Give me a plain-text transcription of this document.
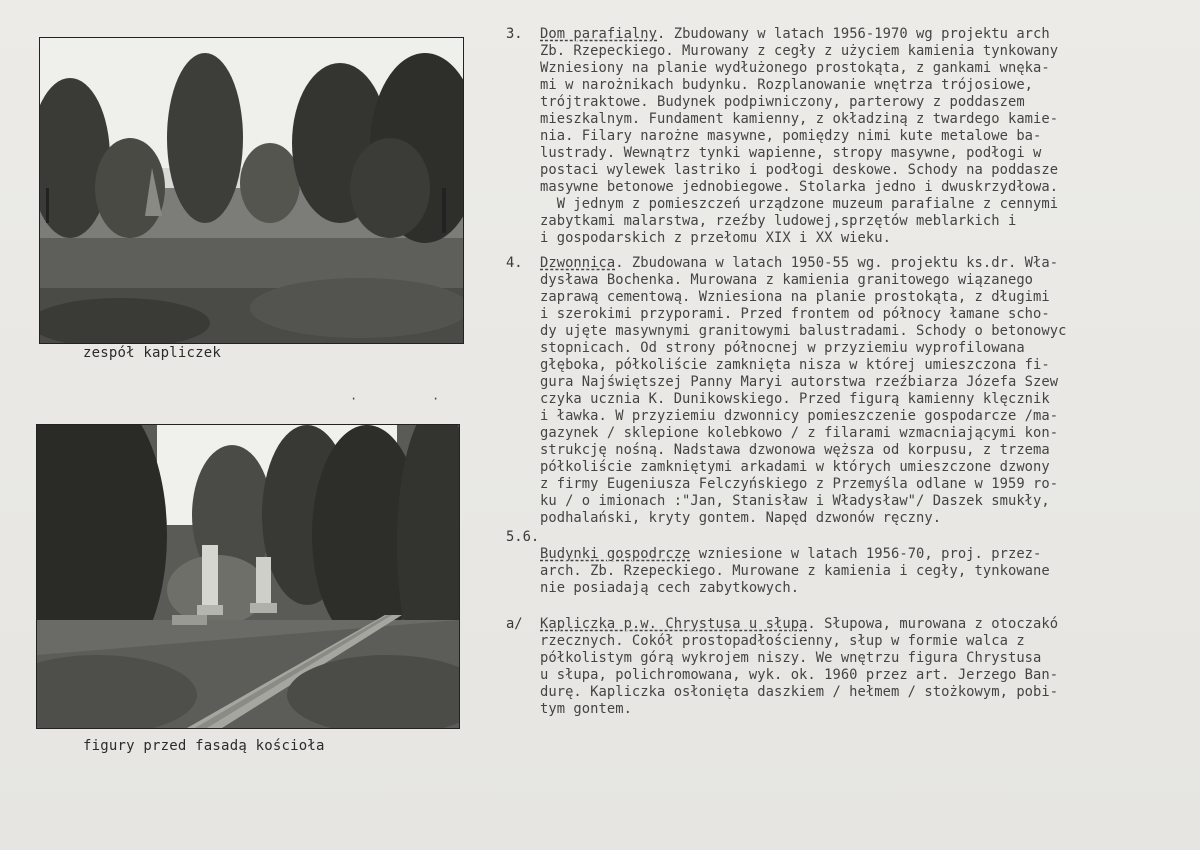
zespół kapliczek
figury przed fasadą kościoła
·	·
3. Dom parafialny. Zbudowany w latach 1956-1970 wg projektu arch
Zb. Rzepeckiego. Murowany z cegły z użyciem kamienia tynkowany
Wzniesiony na planie wydłużonego prostokąta, z gankami wnęka-
mi w narożnikach budynku. Rozplanowanie wnętrza trójosiowe,
trójtraktowe. Budynek podpiwniczony, parterowy z poddaszem
mieszkalnym. Fundament kamienny, z okładziną z twardego kamie-
nia. Filary narożne masywne, pomiędzy nimi kute metalowe ba-
lustrady. Wewnątrz tynki wapienne, stropy masywne, podłogi w
postaci wylewek lastriko i podłogi deskowe. Schody na poddasze
masywne betonowe jednobiegowe. Stolarka jedno i dwuskrzydłowa.
W jednym z pomieszczeń urządzone muzeum parafialne z cennymi
zabytkami malarstwa, rzeźby ludowej,sprzętów meblarkich i
i gospodarskich z przełomu XIX i XX wieku.
4. Dzwonnica. Zbudowana w latach 1950-55 wg. projektu ks.dr. Wła-
dysława Bochenka. Murowana z kamienia granitowego wiązanego
zaprawą cementową. Wzniesiona na planie prostokąta, z długimi
i szerokimi przyporami. Przed frontem od północy łamane scho-
dy ujęte masywnymi granitowymi balustradami. Schody o betonowyc
stopnicach. Od strony północnej w przyziemiu wyprofilowana
głęboka, półkoliście zamknięta nisza w której umieszczona fi-
gura Najświętszej Panny Maryi autorstwa rzeźbiarza Józefa Szew
czyka ucznia K. Dunikowskiego. Przed figurą kamienny klęcznik
i ławka. W przyziemiu dzwonnicy pomieszczenie gospodarcze /ma-
gazynek / sklepione kolebkowo / z filarami wzmacniającymi kon-
strukcję nośną. Nadstawa dzwonowa węższa od korpusu, z trzema
półkoliście zamkniętymi arkadami w których umieszczone dzwony
z firmy Eugeniusza Felczyńskiego z Przemyśla odlane w 1959 ro-
ku / o imionach :"Jan, Stanisław i Władysław"/ Daszek smukły,
podhalański, kryty gontem. Napęd dzwonów ręczny.
5.6.
Budynki gospodrcze wzniesione w latach 1956-70, proj. przez-
arch. Zb. Rzepeckiego. Murowane z kamienia i cegły, tynkowane
nie posiadają cech zabytkowych.
a/ Kapliczka p.w. Chrystusa u słupa. Słupowa, murowana z otoczakó
rzecznych. Cokół prostopadłościenny, słup w formie walca z
półkolistym górą wykrojem niszy. We wnętrzu figura Chrystusa
u słupa, polichromowana, wyk. ok. 1960 przez art. Jerzego Ban-
durę. Kapliczka osłonięta daszkiem / hełmem / stożkowym, pobi-
tym gontem.
